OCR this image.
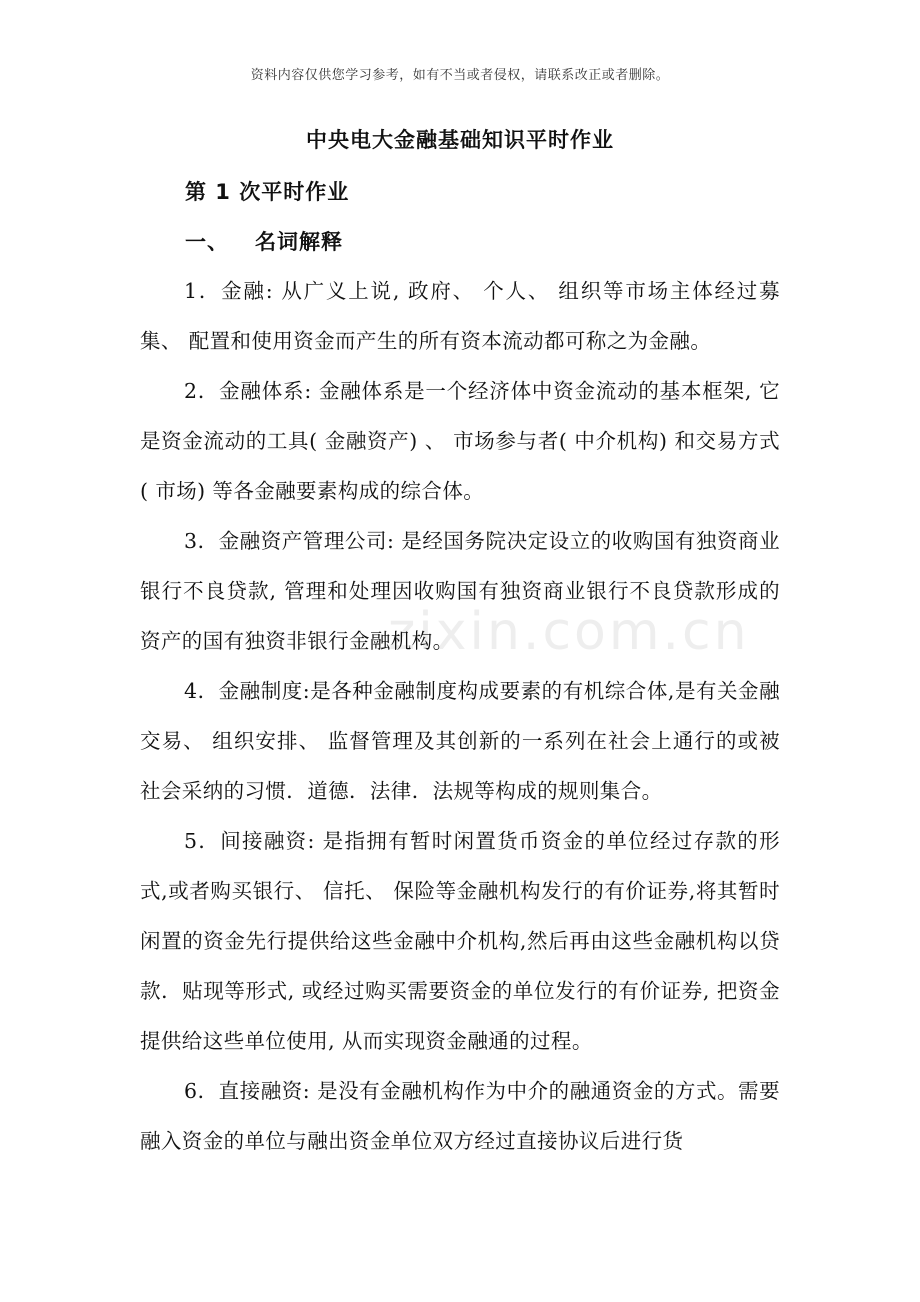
资料内容仅供您学习参考，如有不当或者侵权，请联系改正或者删除。
zixin.com.cn
中央电大金融基础知识平时作业
第 1 次平时作业
一、 名词解释

1．金融: 从广义上说, 政府、 个人、 组织等市场主体经过募集、 配置和使用资金而产生的所有资本流动都可称之为金融。

2．金融体系: 金融体系是一个经济体中资金流动的基本框架, 它是资金流动的工具( 金融资产) 、 市场参与者( 中介机构) 和交易方式( 市场) 等各金融要素构成的综合体。

3．金融资产管理公司: 是经国务院决定设立的收购国有独资商业银行不良贷款, 管理和处理因收购国有独资商业银行不良贷款形成的资产的国有独资非银行金融机构。

4．金融制度:是各种金融制度构成要素的有机综合体,是有关金融交易、 组织安排、 监督管理及其创新的一系列在社会上通行的或被社会采纳的习惯．道德．法律．法规等构成的规则集合。

5．间接融资: 是指拥有暂时闲置货币资金的单位经过存款的形式,或者购买银行、 信托、 保险等金融机构发行的有价证券,将其暂时闲置的资金先行提供给这些金融中介机构,然后再由这些金融机构以贷款．贴现等形式, 或经过购买需要资金的单位发行的有价证券, 把资金提供给这些单位使用, 从而实现资金融通的过程。

6．直接融资: 是没有金融机构作为中介的融通资金的方式。需要融入资金的单位与融出资金单位双方经过直接协议后进行货
